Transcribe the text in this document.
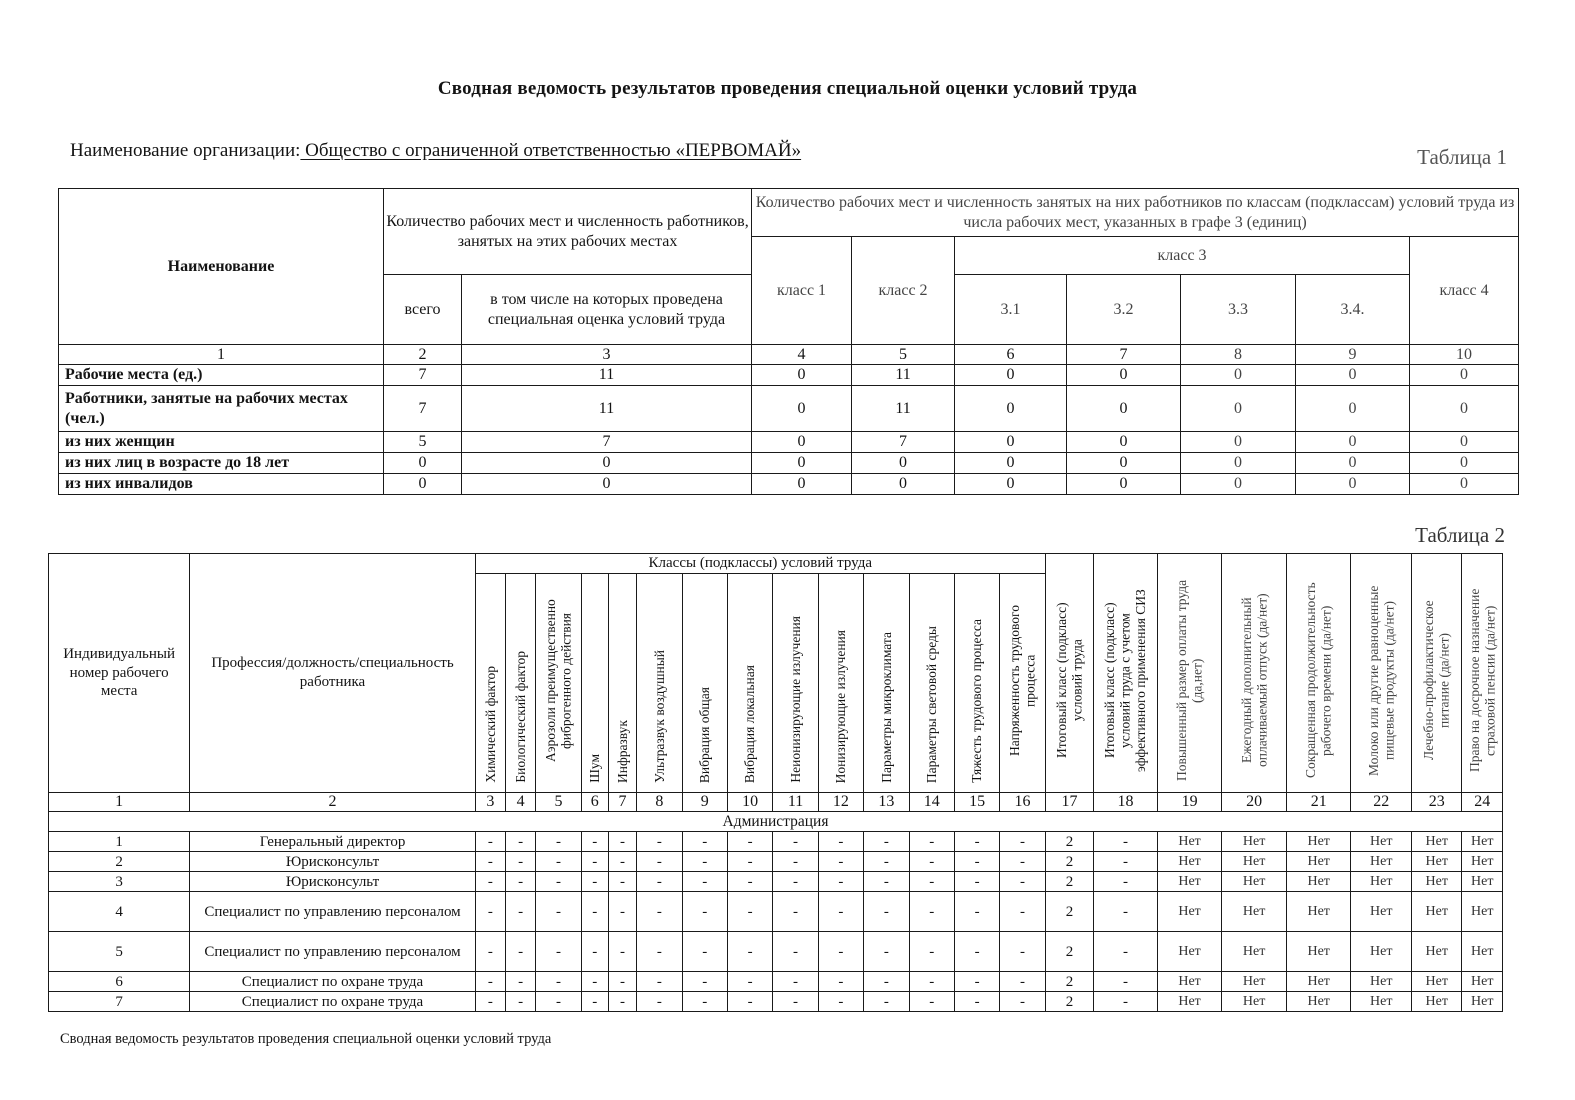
Сводная ведомость результатов проведения специальной оценки условий труда
Наименование организации: Общество с ограниченной ответственностью «ПЕРВОМАЙ»	Таблица 1
Наименование	Количество рабочих мест и численность работников, занятых на этих рабочих местах		Количество рабочих мест и численность занятых на них работников по классам (подклассам) условий труда из числа рабочих мест, указанных в графе 3 (единиц)						
			класс 1	класс 2	класс 3				класс 4
	всего	в том числе на которых проведена специальная оценка условий труда			3.1	3.2	3.3	3.4.	
1	2	3	4	5	6	7	8	9	10
Рабочие места (ед.)	7	11	0	11	0	0	0	0	0
Работники, занятые на рабочих местах (чел.)	7	11	0	11	0	0	0	0	0
из них женщин	5	7	0	7	0	0	0	0	0
из них лиц в возрасте до 18 лет	0	0	0	0	0	0	0	0	0
из них инвалидов	0	0	0	0	0	0	0	0	0
Таблица 2
Индивидуальный номер рабочего места	Профессия/должность/специальность работника	Классы (подклассы) условий труда														Итоговый класс (подкласс) условий труда	Итоговый класс (подкласс) условий труда с учетом эффективного применения СИЗ	Повышенный размер оплаты труда (да,нет)	Ежегодный дополнительный оплачиваемый отпуск (да/нет)	Сокращенная продолжительность рабочего времени (да/нет)	Молоко или другие равноценные пищевые продукты (да/нет)	Лечебно-профилактическое питание (да/нет)	Право на досрочное назначение страховой пенсии (да/нет)
		Химический фактор	Биологический фактор	Аэрозоли преимущественно фиброгенного действия	Шум	Инфразвук	Ультразвук воздушный	Вибрация общая	Вибрация локальная	Неионизирующие излучения	Ионизирующие излучения	Параметры микроклимата	Параметры световой среды	Тяжесть трудового процесса	Напряженность трудового процесса								
1	2	3	4	5	6	7	8	9	10	11	12	13	14	15	16	17	18	19	20	21	22	23	24
Администрация																							
1	Генеральный директор	-	-	-	-	-	-	-	-	-	-	-	-	-	-	2	-	Нет	Нет	Нет	Нет	Нет	Нет
2	Юрисконсульт	-	-	-	-	-	-	-	-	-	-	-	-	-	-	2	-	Нет	Нет	Нет	Нет	Нет	Нет
3	Юрисконсульт	-	-	-	-	-	-	-	-	-	-	-	-	-	-	2	-	Нет	Нет	Нет	Нет	Нет	Нет
4	Специалист по управлению персоналом	-	-	-	-	-	-	-	-	-	-	-	-	-	-	2	-	Нет	Нет	Нет	Нет	Нет	Нет
5	Специалист по управлению персоналом	-	-	-	-	-	-	-	-	-	-	-	-	-	-	2	-	Нет	Нет	Нет	Нет	Нет	Нет
6	Специалист по охране труда	-	-	-	-	-	-	-	-	-	-	-	-	-	-	2	-	Нет	Нет	Нет	Нет	Нет	Нет
7	Специалист по охране труда	-	-	-	-	-	-	-	-	-	-	-	-	-	-	2	-	Нет	Нет	Нет	Нет	Нет	Нет
Сводная ведомость результатов проведения специальной оценки условий труда
